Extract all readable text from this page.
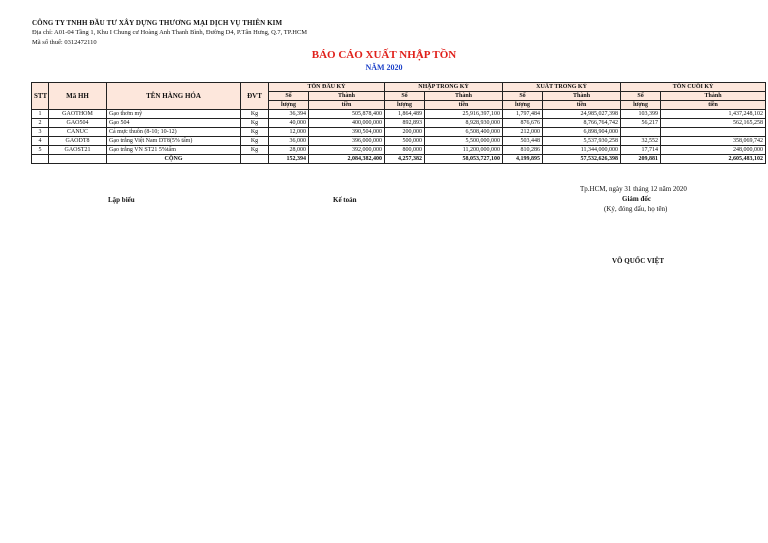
CÔNG TY TNHH ĐẦU TƯ XÂY DỰNG THƯƠNG MẠI DỊCH VỤ THIÊN KIM
Địa chỉ: A01-04 Tầng 1, Khu I Chung cư Hoàng Anh Thanh Bình, Đường D4, P.Tân Hưng, Q.7, TP.HCM
Mã số thuế: 0312472110
BÁO CÁO XUẤT NHẬP TỒN
NĂM 2020
STT	Mã HH	TÊN HÀNG HÓA	ĐVT	TỒN ĐẦU KỲ		NHẬP TRONG KỲ		XUẤT TRONG KỲ		TỒN CUỐI KỲ	
				Số	Thành	Số	Thành	Số	Thành	Số	Thành
				lượng	tiền	lượng	tiền	lượng	tiền	lượng	tiền
1	GAOTHOM	Gạo thơm mỹ	Kg	36,394	505,878,400	1,864,489	25,916,397,100	1,797,484	24,985,027,398	103,399	1,437,248,102
2	GAO504	Gạo 504	Kg	40,000	400,000,000	892,893	8,928,930,000	876,676	8,766,764,742	56,217	562,165,258
3	CANUC	Cá mực thuôn (8-10; 10-12)	Kg	12,000	390,504,000	200,000	6,508,400,000	212,000	6,898,904,000		
4	GAODT8	Gạo trắng Việt Nam DT8(5% tấm)	Kg	36,000	396,000,000	500,000	5,500,000,000	503,448	5,537,930,258	32,552	358,069,742
5	GAOST21	Gạo trắng VN ST21 5%tấm	Kg	28,000	392,000,000	800,000	11,200,000,000	810,286	11,344,000,000	17,714	248,000,000
		CỘNG		152,394	2,084,382,400	4,257,382	58,053,727,100	4,199,895	57,532,626,398	209,881	2,605,483,102
Tp.HCM, ngày 31 tháng 12 năm 2020
Lập biểu	Kế toán	Giám đốc
(Ký, đóng dấu, họ tên)
VÕ QUỐC VIỆT
